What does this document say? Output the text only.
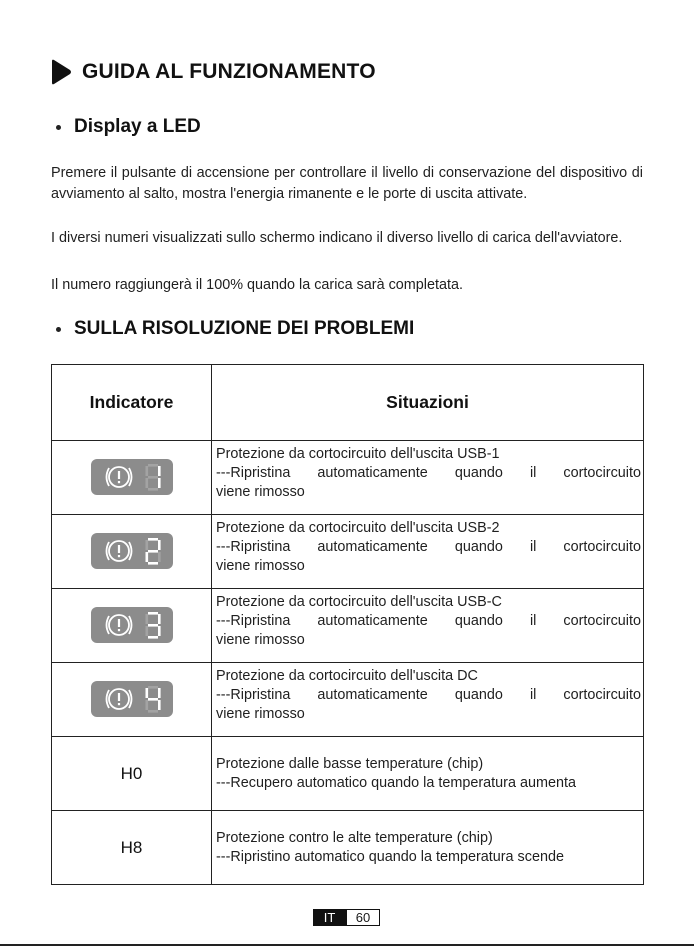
GUIDA AL FUNZIONAMENTO
Display a LED
Premere il pulsante di accensione per controllare il livello di conservazione del dispositivo di avviamento al salto, mostra l'energia rimanente e le porte di uscita attivate.
I diversi numeri visualizzati sullo schermo indicano il diverso livello di carica dell'avviatore.
Il numero raggiungerà il 100% quando la carica sarà completata.
SULLA RISOLUZIONE DEI PROBLEMI
Indicatore	Situazioni

Protezione da cortocircuito dell'uscita USB-1
---Ripristina automaticamente quando il cortocircuito
viene rimosso

Protezione da cortocircuito dell'uscita USB-2
---Ripristina automaticamente quando il cortocircuito
viene rimosso

Protezione da cortocircuito dell'uscita USB-C
---Ripristina automaticamente quando il cortocircuito
viene rimosso

Protezione da cortocircuito dell'uscita DC
---Ripristina automaticamente quando il cortocircuito
viene rimosso

H0	Protezione dalle basse temperature (chip)
---Recupero automatico quando la temperatura aumenta

H8	Protezione contro le alte temperature (chip)
---Ripristino automatico quando la temperatura scende
IT	60
